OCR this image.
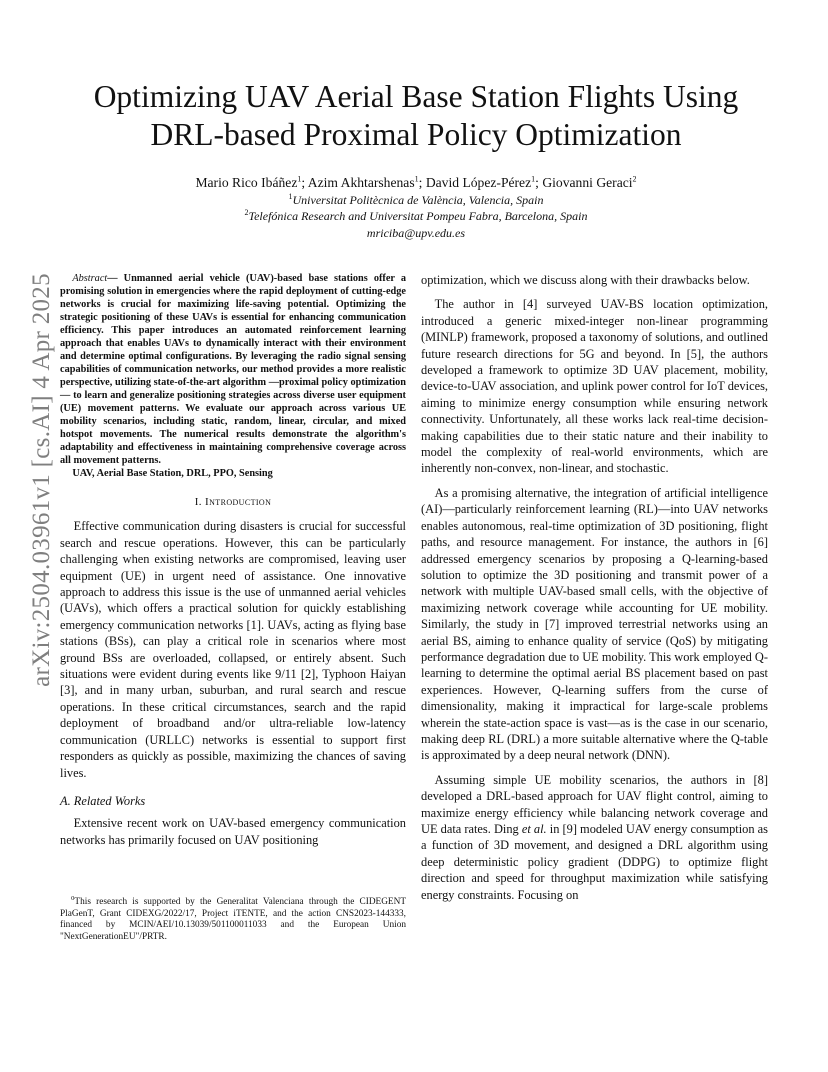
arXiv:2504.03961v1 [cs.AI] 4 Apr 2025
Optimizing UAV Aerial Base Station Flights Using DRL-based Proximal Policy Optimization
Mario Rico Ibáñez$^1$; Azim Akhtarshenas$^1$; David López-Pérez$^1$; Giovanni Geraci$^2$
$^1$Universitat Politècnica de València, Valencia, Spain
$^2$Telefónica Research and Universitat Pompeu Fabra, Barcelona, Spain
mriciba@upv.edu.es

Abstract— Unmanned aerial vehicle (UAV)-based base stations offer a promising solution in emergencies where the rapid deployment of cutting-edge networks is crucial for maximizing life-saving potential. Optimizing the strategic positioning of these UAVs is essential for enhancing communication efficiency. This paper introduces an automated reinforcement learning approach that enables UAVs to dynamically interact with their environment and determine optimal configurations. By leveraging the radio signal sensing capabilities of communication networks, our method provides a more realistic perspective, utilizing state-of-the-art algorithm —proximal policy optimization— to learn and generalize positioning strategies across diverse user equipment (UE) movement patterns. We evaluate our approach across various UE mobility scenarios, including static, random, linear, circular, and mixed hotspot movements. The numerical results demonstrate the algorithm's adaptability and effectiveness in maintaining comprehensive coverage across all movement patterns.

UAV, Aerial Base Station, DRL, PPO, Sensing

I. Introduction

Effective communication during disasters is crucial for successful search and rescue operations. However, this can be particularly challenging when existing networks are compromised, leaving user equipment (UE) in urgent need of assistance. One innovative approach to address this issue is the use of unmanned aerial vehicles (UAVs), which offers a practical solution for quickly establishing emergency communication networks [1]. UAVs, acting as flying base stations (BSs), can play a critical role in scenarios where most ground BSs are overloaded, collapsed, or entirely absent. Such situations were evident during events like 9/11 [2], Typhoon Haiyan [3], and in many urban, suburban, and rural search and rescue operations. In these critical circumstances, search and the rapid deployment of broadband and/or ultra-reliable low-latency communication (URLLC) networks is essential to support first responders as quickly as possible, maximizing the chances of saving lives.

A. Related Works

Extensive recent work on UAV-based emergency communication networks has primarily focused on UAV positioning

$^0$This research is supported by the Generalitat Valenciana through the CIDEGENT PlaGenT, Grant CIDEXG/2022/17, Project iTENTE, and the action CNS2023-144333, financed by MCIN/AEI/10.13039/501100011033 and the European Union "NextGenerationEU"/PRTR.

optimization, which we discuss along with their drawbacks below.

The author in [4] surveyed UAV-BS location optimization, introduced a generic mixed-integer non-linear programming (MINLP) framework, proposed a taxonomy of solutions, and outlined future research directions for 5G and beyond. In [5], the authors developed a framework to optimize 3D UAV placement, mobility, device-to-UAV association, and uplink power control for IoT devices, aiming to minimize energy consumption while ensuring network connectivity. Unfortunately, all these works lack real-time decision-making capabilities due to their static nature and their inability to model the complexity of real-world environments, which are inherently non-convex, non-linear, and stochastic.

As a promising alternative, the integration of artificial intelligence (AI)—particularly reinforcement learning (RL)—into UAV networks enables autonomous, real-time optimization of 3D positioning, flight paths, and resource management. For instance, the authors in [6] addressed emergency scenarios by proposing a Q-learning-based solution to optimize the 3D positioning and transmit power of a network with multiple UAV-based small cells, with the objective of maximizing network coverage while accounting for UE mobility. Similarly, the study in [7] improved terrestrial networks using an aerial BS, aiming to enhance quality of service (QoS) by mitigating performance degradation due to UE mobility. This work employed Q-learning to determine the optimal aerial BS placement based on past experiences. However, Q-learning suffers from the curse of dimensionality, making it impractical for large-scale problems wherein the state-action space is vast—as is the case in our scenario, making deep RL (DRL) a more suitable alternative where the Q-table is approximated by a deep neural network (DNN).

Assuming simple UE mobility scenarios, the authors in [8] developed a DRL-based approach for UAV flight control, aiming to maximize energy efficiency while balancing network coverage and UE data rates. Ding et al. in [9] modeled UAV energy consumption as a function of 3D movement, and designed a DRL algorithm using deep deterministic policy gradient (DDPG) to optimize flight direction and speed for throughput maximization while satisfying energy constraints. Focusing on
